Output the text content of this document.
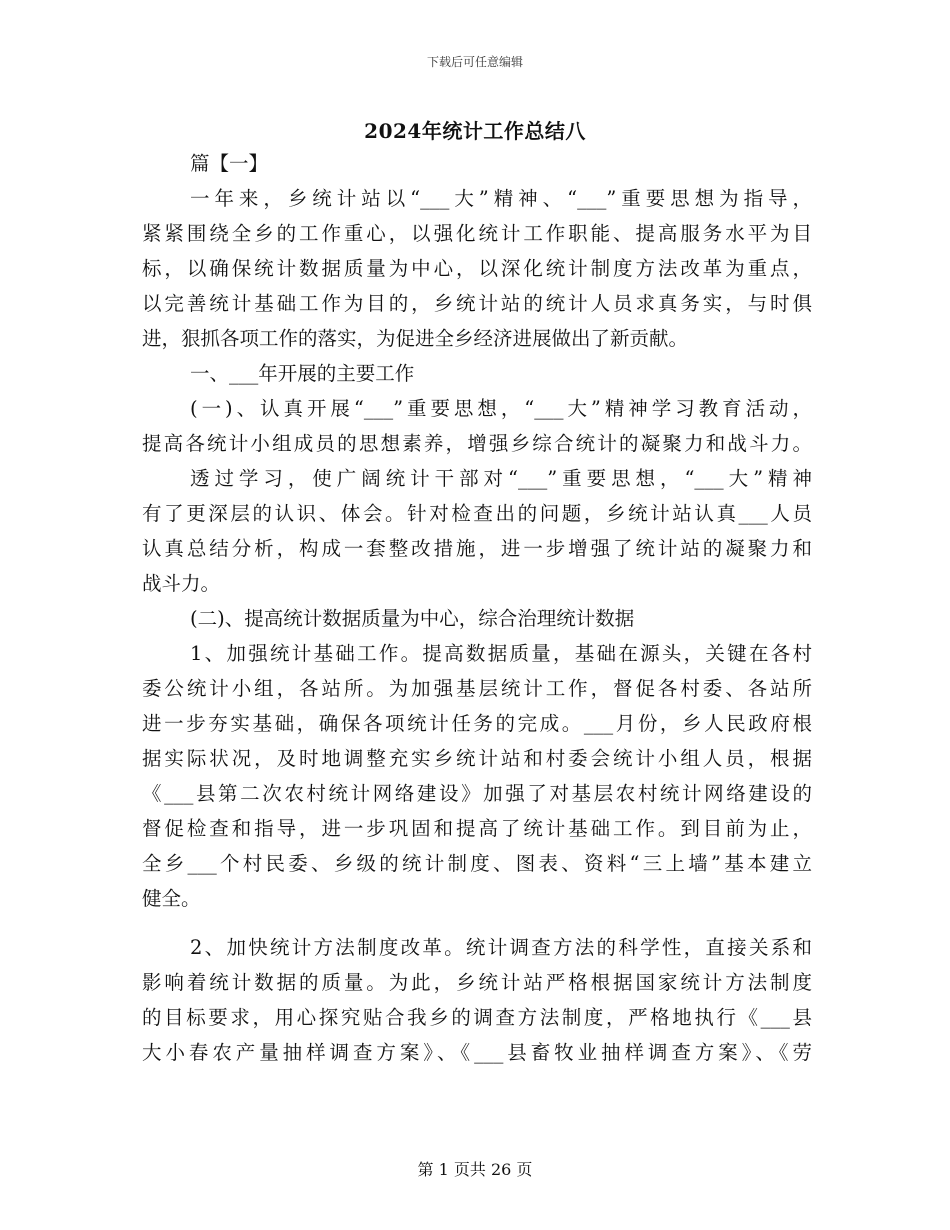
下载后可任意编辑
2024年统计工作总结八
篇【一】
一年来，乡统计站以“___大”精神、“___”重要思想为指导，
紧紧围绕全乡的工作重心，以强化统计工作职能、提高服务水平为目
标，以确保统计数据质量为中心，以深化统计制度方法改革为重点，
以完善统计基础工作为目的，乡统计站的统计人员求真务实，与时俱
进，狠抓各项工作的落实，为促进全乡经济进展做出了新贡献。
一、___年开展的主要工作
(一)、认真开展“___”重要思想，“___大”精神学习教育活动，
提高各统计小组成员的思想素养，增强乡综合统计的凝聚力和战斗力。
透过学习，使广阔统计干部对“___”重要思想，“___大”精神
有了更深层的认识、体会。针对检查出的问题，乡统计站认真___人员
认真总结分析，构成一套整改措施，进一步增强了统计站的凝聚力和
战斗力。
(二)、提高统计数据质量为中心，综合治理统计数据
1、加强统计基础工作。提高数据质量，基础在源头，关键在各村
委公统计小组，各站所。为加强基层统计工作，督促各村委、各站所
进一步夯实基础，确保各项统计任务的完成。___月份，乡人民政府根
据实际状况，及时地调整充实乡统计站和村委会统计小组人员，根据
《___县第二次农村统计网络建设》加强了对基层农村统计网络建设的
督促检查和指导，进一步巩固和提高了统计基础工作。到目前为止，
全乡___个村民委、乡级的统计制度、图表、资料“三上墙”基本建立
健全。
2、加快统计方法制度改革。统计调查方法的科学性，直接关系和
影响着统计数据的质量。为此，乡统计站严格根据国家统计方法制度
的目标要求，用心探究贴合我乡的调查方法制度，严格地执行《___县
大小春农产量抽样调查方案》、《___县畜牧业抽样调查方案》、《劳
第 1 页共 26 页
